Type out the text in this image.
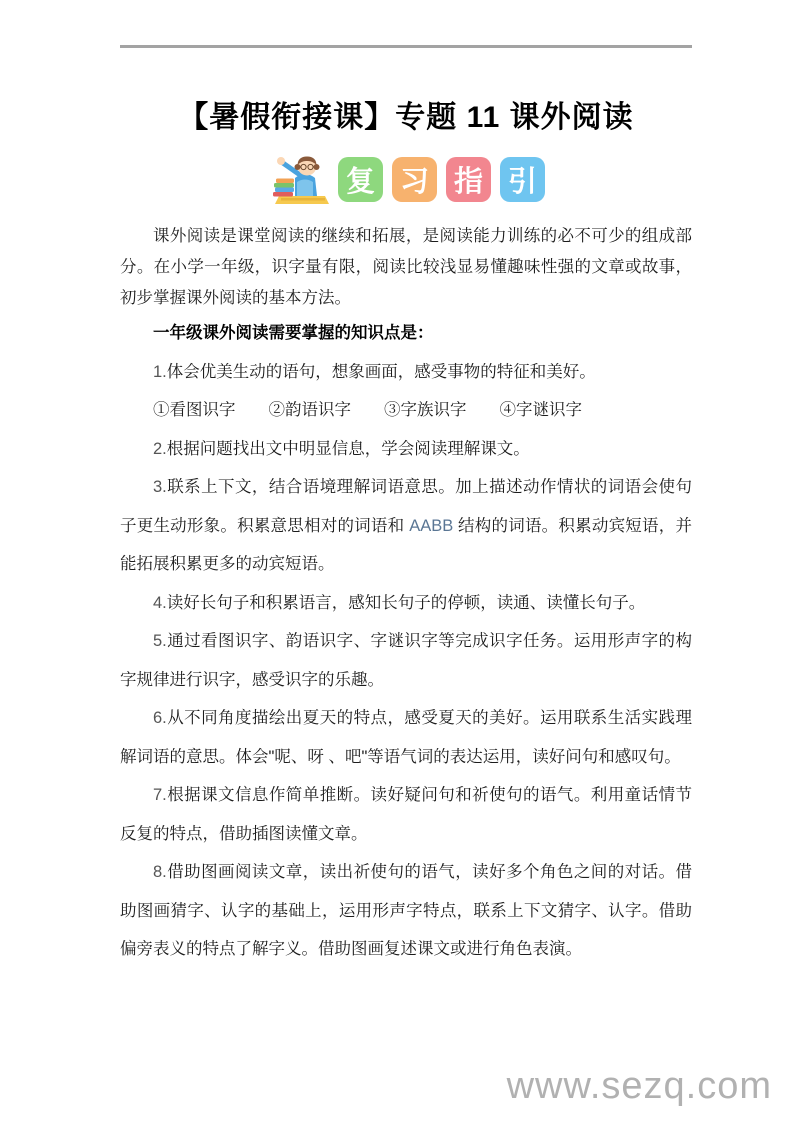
【暑假衔接课】专题 11 课外阅读
复 习 指 引

课外阅读是课堂阅读的继续和拓展，是阅读能力训练的必不可少的组成部分。在小学一年级，识字量有限，阅读比较浅显易懂趣味性强的文章或故事，初步掌握课外阅读的基本方法。

一年级课外阅读需要掌握的知识点是：

1.体会优美生动的语句，想象画面，感受事物的特征和美好。

①看图识字　　②韵语识字　　③字族识字　　④字谜识字

2.根据问题找出文中明显信息，学会阅读理解课文。

3.联系上下文，结合语境理解词语意思。加上描述动作情状的词语会使句子更生动形象。积累意思相对的词语和 AABB 结构的词语。积累动宾短语，并能拓展积累更多的动宾短语。

4.读好长句子和积累语言，感知长句子的停顿，读通、读懂长句子。

5.通过看图识字、韵语识字、字谜识字等完成识字任务。运用形声字的构字规律进行识字，感受识字的乐趣。

6.从不同角度描绘出夏天的特点，感受夏天的美好。运用联系生活实践理解词语的意思。体会"呢、呀 、吧"等语气词的表达运用，读好问句和感叹句。

7.根据课文信息作简单推断。读好疑问句和祈使句的语气。利用童话情节反复的特点，借助插图读懂文章。

8.借助图画阅读文章，读出祈使句的语气，读好多个角色之间的对话。借助图画猜字、认字的基础上，运用形声字特点，联系上下文猜字、认字。借助偏旁表义的特点了解字义。借助图画复述课文或进行角色表演。

www.sezq.com
